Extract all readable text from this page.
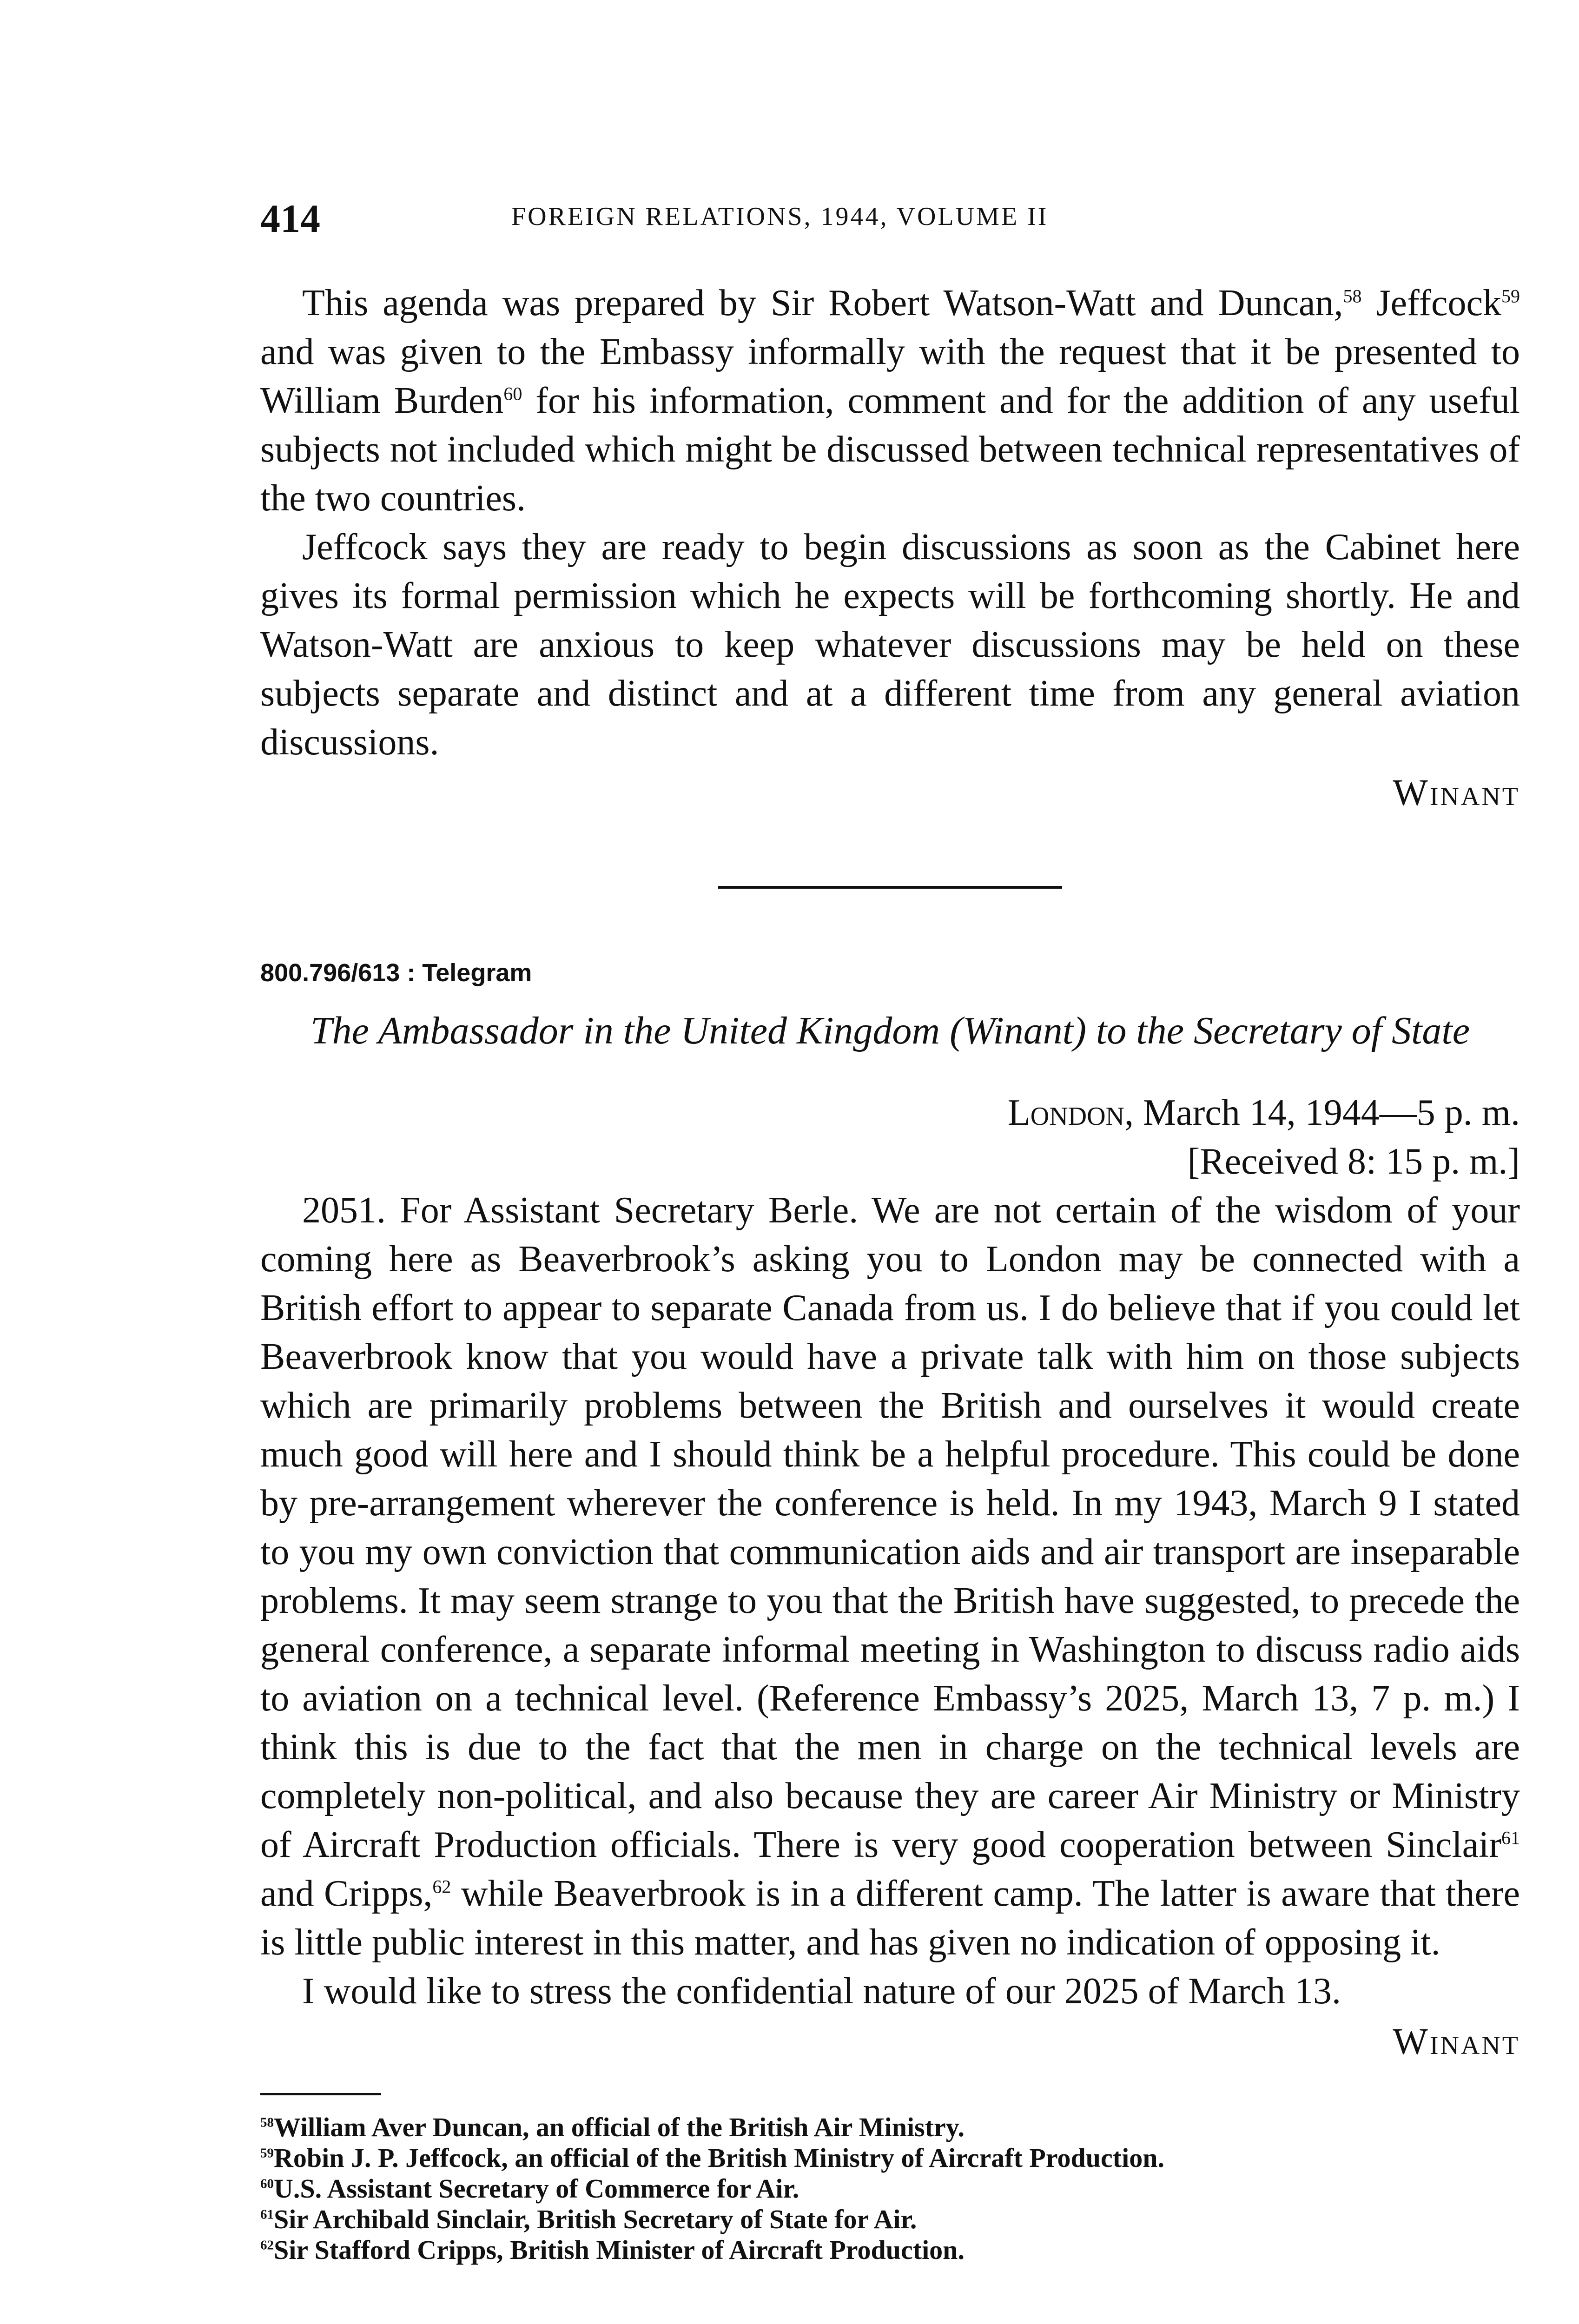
414	FOREIGN RELATIONS, 1944, VOLUME II

This agenda was prepared by Sir Robert Watson-Watt and Duncan,$^{58}$ Jeffcock$^{59}$ and was given to the Embassy informally with the request that it be presented to William Burden$^{60}$ for his information, comment and for the addition of any useful subjects not included which might be discussed between technical representatives of the two countries.

Jeffcock says they are ready to begin discussions as soon as the Cabinet here gives its formal permission which he expects will be forthcoming shortly. He and Watson-Watt are anxious to keep whatever discussions may be held on these subjects separate and distinct and at a different time from any general aviation discussions.

Winant

800.796/613 : Telegram

The Ambassador in the United Kingdom (Winant) to the Secretary of State

London, March 14, 1944—5 p. m.

[Received 8: 15 p. m.]

2051. For Assistant Secretary Berle. We are not certain of the wisdom of your coming here as Beaverbrook’s asking you to London may be connected with a British effort to appear to separate Canada from us. I do believe that if you could let Beaverbrook know that you would have a private talk with him on those subjects which are primarily problems between the British and ourselves it would create much good will here and I should think be a helpful procedure. This could be done by pre-arrangement wherever the conference is held. In my 1943, March 9 I stated to you my own conviction that communication aids and air transport are inseparable problems. It may seem strange to you that the British have suggested, to precede the general conference, a separate informal meeting in Washington to discuss radio aids to aviation on a technical level. (Reference Embassy’s 2025, March 13, 7 p. m.) I think this is due to the fact that the men in charge on the technical levels are completely non-political, and also because they are career Air Ministry or Ministry of Aircraft Production officials. There is very good cooperation between Sinclair$^{61}$ and Cripps,$^{62}$ while Beaverbrook is in a different camp. The latter is aware that there is little public interest in this matter, and has given no indication of opposing it.

I would like to stress the confidential nature of our 2025 of March 13.

Winant

$^{58}$William Aver Duncan, an official of the British Air Ministry.

$^{59}$Robin J. P. Jeffcock, an official of the British Ministry of Aircraft Production.

$^{60}$U.S. Assistant Secretary of Commerce for Air.

$^{61}$Sir Archibald Sinclair, British Secretary of State for Air.

$^{62}$Sir Stafford Cripps, British Minister of Aircraft Production.
